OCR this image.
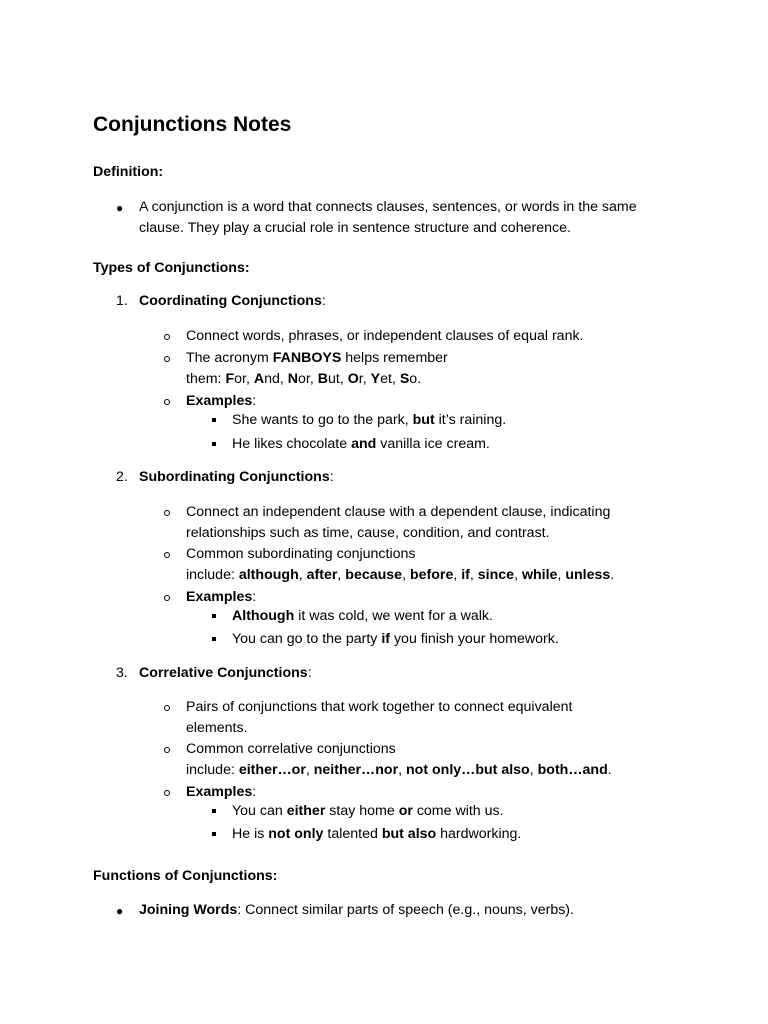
Conjunctions Notes
Definition:
● A conjunction is a word that connects clauses, sentences, or words in the same
clause. They play a crucial role in sentence structure and coherence.
Types of Conjunctions:
1. Coordinating Conjunctions:
Connect words, phrases, or independent clauses of equal rank.
The acronym FANBOYS helps remember
them: For, And, Nor, But, Or, Yet, So.
Examples:
She wants to go to the park, but it’s raining.
He likes chocolate and vanilla ice cream.
2. Subordinating Conjunctions:
Connect an independent clause with a dependent clause, indicating
relationships such as time, cause, condition, and contrast.
Common subordinating conjunctions
include: although, after, because, before, if, since, while, unless.
Examples:
Although it was cold, we went for a walk.
You can go to the party if you finish your homework.
3. Correlative Conjunctions:
Pairs of conjunctions that work together to connect equivalent
elements.
Common correlative conjunctions
include: either…or, neither…nor, not only…but also, both…and.
Examples:
You can either stay home or come with us.
He is not only talented but also hardworking.
Functions of Conjunctions:
● Joining Words: Connect similar parts of speech (e.g., nouns, verbs).
